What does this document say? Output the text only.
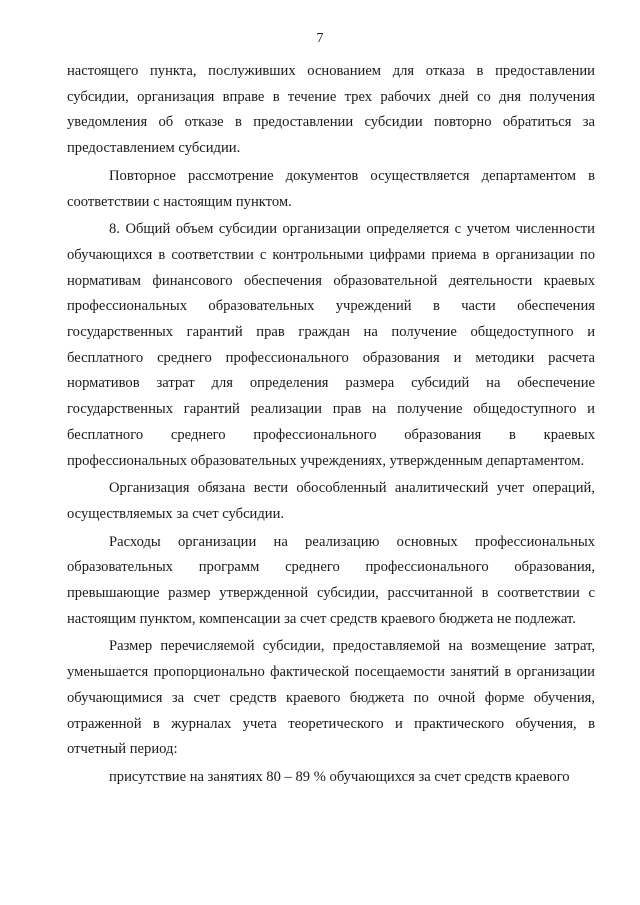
7

настоящего пункта, послуживших основанием для отказа в предоставлении субсидии, организация вправе в течение трех рабочих дней со дня получения уведомления об отказе в предоставлении субсидии повторно обратиться за предоставлением субсидии.

Повторное рассмотрение документов осуществляется департаментом в соответствии с настоящим пунктом.

8. Общий объем субсидии организации определяется с учетом численности обучающихся в соответствии с контрольными цифрами приема в организации по нормативам финансового обеспечения образовательной деятельности краевых профессиональных образовательных учреждений в части обеспечения государственных гарантий прав граждан на получение общедоступного и бесплатного среднего профессионального образования и методики расчета нормативов затрат для определения размера субсидий на обеспечение государственных гарантий реализации прав на получение общедоступного и бесплатного среднего профессионального образования в краевых профессиональных образовательных учреждениях, утвержденным департаментом.

Организация обязана вести обособленный аналитический учет операций, осуществляемых за счет субсидии.

Расходы организации на реализацию основных профессиональных образовательных программ среднего профессионального образования, превышающие размер утвержденной субсидии, рассчитанной в соответствии с настоящим пунктом, компенсации за счет средств краевого бюджета не подлежат.

Размер перечисляемой субсидии, предоставляемой на возмещение затрат, уменьшается пропорционально фактической посещаемости занятий в организации обучающимися за счет средств краевого бюджета по очной форме обучения, отраженной в журналах учета теоретического и практического обучения, в отчетный период:

присутствие на занятиях 80 – 89 % обучающихся за счет средств краевого
